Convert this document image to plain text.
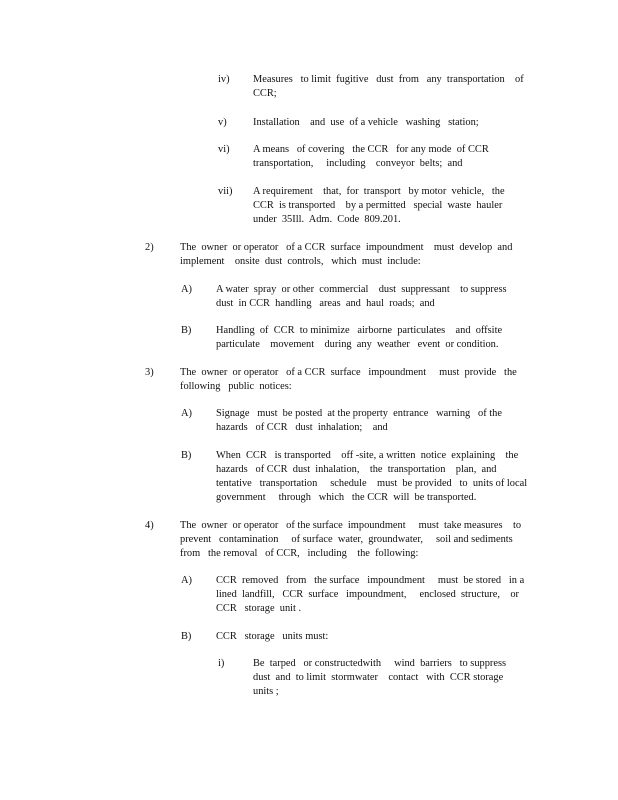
iv) Measures   to limit  fugitive   dust  from   any  transportation    of
CCR;
v)	Installation    and  use  of a vehicle   washing   station;
vi) A means   of covering   the CCR   for any mode  of CCR
transportation,     including    conveyor  belts;  and
vii) A requirement    that,  for  transport   by motor  vehicle,   the
CCR  is transported    by a permitted   special  waste  hauler
under  35Ill.  Adm.  Code  809.201.
2)	The  owner  or operator   of a CCR  surface  impoundment    must  develop  and
implement    onsite  dust  controls,   which  must  include:
A) A water  spray  or other  commercial    dust  suppressant    to suppress
dust  in CCR  handling   areas  and  haul  roads;  and
B) Handling  of  CCR  to minimize   airborne  particulates    and  offsite
particulate    movement    during  any  weather   event  or condition.
3)	The  owner  or operator   of a CCR  surface   impoundment     must  provide   the
following   public  notices:
A) Signage   must  be posted  at the property  entrance   warning   of the
hazards   of CCR   dust  inhalation;    and
B) When  CCR   is transported    off -site, a written  notice  explaining    the
hazards   of CCR  dust  inhalation,    the  transportation    plan,  and
tentative   transportation     schedule    must  be provided   to  units of local
government     through   which   the CCR  will  be transported.
4)	The  owner  or operator   of the surface  impoundment     must  take measures    to
prevent   contamination     of surface  water,  groundwater,     soil and sediments
from   the removal   of CCR,   including    the  following:
A) CCR  removed   from   the surface   impoundment     must  be stored   in a
lined  landfill,   CCR  surface   impoundment,     enclosed  structure,    or
CCR   storage  unit .
B) CCR   storage   units must:
i)	Be  tarped   or constructedwith     wind  barriers   to suppress
dust  and  to limit  stormwater    contact   with  CCR storage
units ;
